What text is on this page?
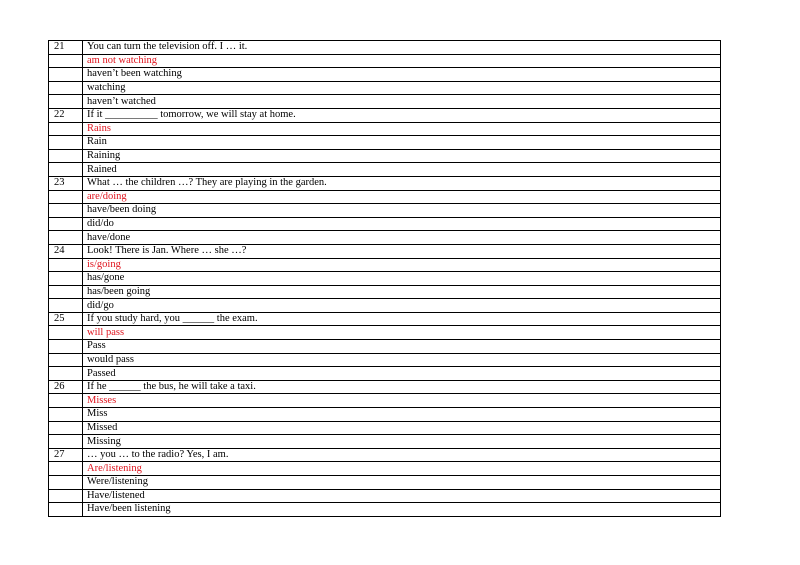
21	You can turn the television off. I … it.
	am not watching
	haven’t been watching
	watching
	haven’t watched
22	If it __________ tomorrow, we will stay at home.
	Rains
	Rain
	Raining
	Rained
23	What … the children …? They are playing in the garden.
	are/doing
	have/been doing
	did/do
	have/done
24	Look! There is Jan. Where … she …?
	is/going
	has/gone
	has/been going
	did/go
25	If you study hard, you ______ the exam.
	will pass
	Pass
	would pass
	Passed
26	If he ______ the bus, he will take a taxi.
	Misses
	Miss
	Missed
	Missing
27	… you … to the radio? Yes, I am.
	Are/listening
	Were/listening
	Have/listened
	Have/been listening
